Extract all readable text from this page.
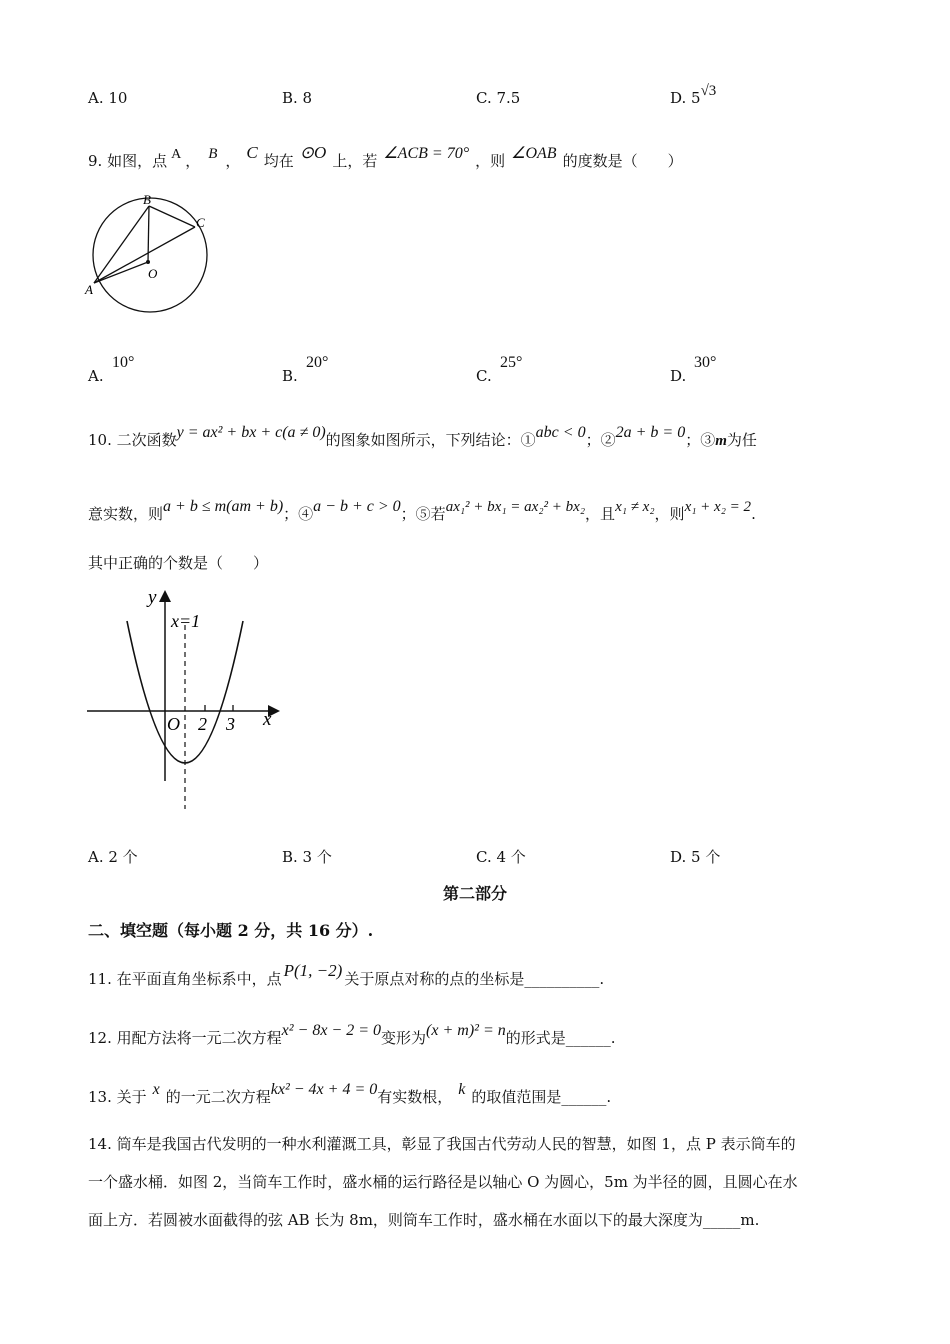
A. 10	B. 8	C. 7.5	D. 5√3
9. 如图，点 A ， B ， C 均在 ⊙O 上，若 ∠ACB = 70° ，则 ∠OAB 的度数是（　　）
B
C
O
A
A.
10°
B.
20°
C.
25°
D.
30°
10. 二次函数y = ax² + bx + c(a ≠ 0)的图象如图所示，下列结论：①abc < 0；②2a + b = 0；③m为任
意实数，则a + b ≤ m(am + b)；④a − b + c > 0；⑤若ax₁² + bx₁ = ax₂² + bx₂，且x₁ ≠ x₂，则x₁ + x₂ = 2.
其中正确的个数是（　　）
y
x=1
O 2 3 x
A. 2 个	B. 3 个	C. 4 个	D. 5 个
第二部分
二、填空题（每小题 2 分，共 16 分）.
11. 在平面直角坐标系中，点 P(1, −2) 关于原点对称的点的坐标是__________.
12. 用配方法将一元二次方程x² − 8x − 2 = 0变形为(x + m)² = n的形式是______.
13. 关于 x 的一元二次方程kx² − 4x + 4 = 0有实数根， k 的取值范围是______.
14. 筒车是我国古代发明的一种水利灌溉工具，彰显了我国古代劳动人民的智慧，如图 1，点 P 表示筒车的
一个盛水桶．如图 2，当筒车工作时，盛水桶的运行路径是以轴心 O 为圆心，5m 为半径的圆，且圆心在水
面上方．若圆被水面截得的弦 AB 长为 8m，则筒车工作时，盛水桶在水面以下的最大深度为_____m.
